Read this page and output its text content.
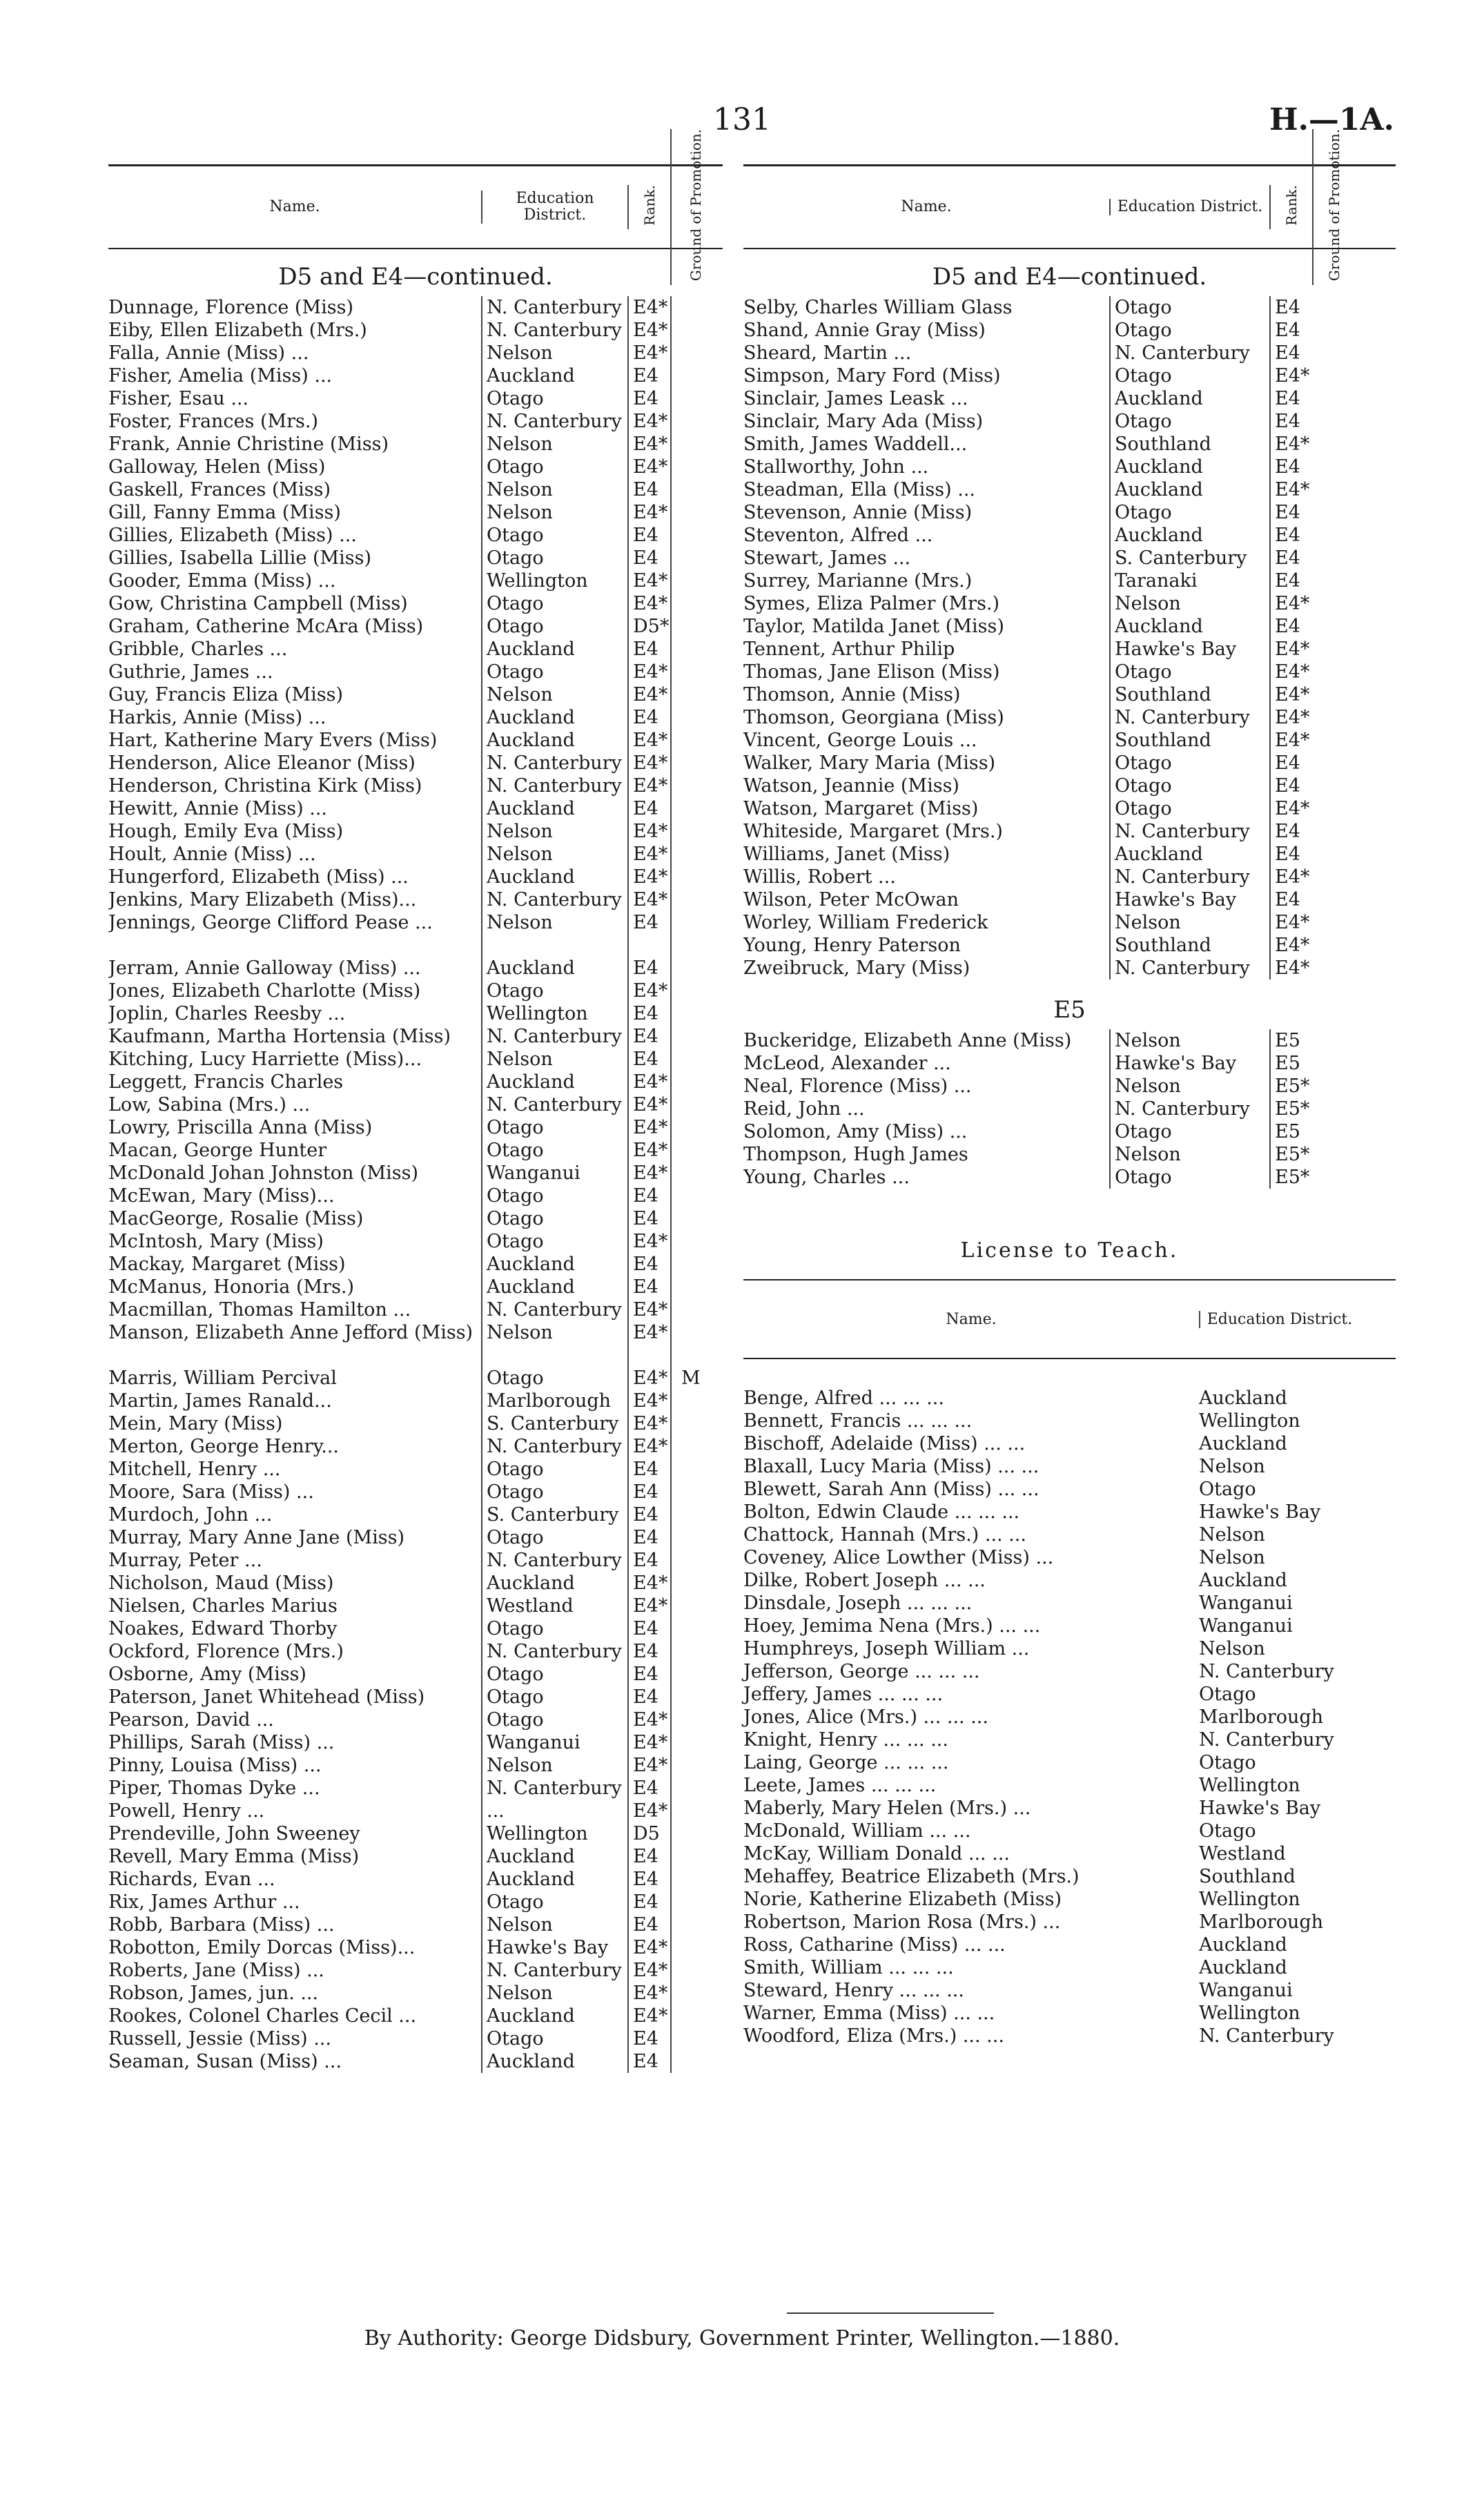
131	H.—1A.
Name.	Education District.	Rank.	Ground of Promotion.
D5 and E4—continued.
Dunnage, Florence (Miss)	N. Canterbury E4*
Eiby, Ellen Elizabeth (Mrs.)	N. Canterbury E4*
Falla, Annie (Miss) ...	Nelson	E4*
Fisher, Amelia (Miss) ...	Auckland	E4
Fisher, Esau ...	Otago	E4
Foster, Frances (Mrs.)	N. Canterbury E4*
Frank, Annie Christine (Miss)	Nelson	E4*
Galloway, Helen (Miss)	Otago	E4*
Gaskell, Frances (Miss)	Nelson	E4
Gill, Fanny Emma (Miss)	Nelson	E4*
Gillies, Elizabeth (Miss) ...	Otago	E4
Gillies, Isabella Lillie (Miss)	Otago	E4
Gooder, Emma (Miss) ...	Wellington	E4*
Gow, Christina Campbell (Miss)	Otago	E4*
Graham, Catherine McAra (Miss)	Otago	D5*
Gribble, Charles ...	Auckland	E4
Guthrie, James ...	Otago	E4*
Guy, Francis Eliza (Miss)	Nelson	E4*
Harkis, Annie (Miss) ...	Auckland	E4
Hart, Katherine Mary Evers (Miss)	Auckland	E4*
Henderson, Alice Eleanor (Miss)	N. Canterbury E4*
Henderson, Christina Kirk (Miss)	N. Canterbury E4*
Hewitt, Annie (Miss) ...	Auckland	E4
Hough, Emily Eva (Miss)	Nelson	E4*
Hoult, Annie (Miss) ...	Nelson	E4*
Hungerford, Elizabeth (Miss) ...	Auckland	E4*
Jenkins, Mary Elizabeth (Miss)...	N. Canterbury E4*
Jennings, George Clifford Pease ...	Nelson	E4
Jerram, Annie Galloway (Miss) ...	Auckland	E4
Jones, Elizabeth Charlotte (Miss)	Otago	E4*
Joplin, Charles Reesby ...	Wellington	E4
Kaufmann, Martha Hortensia (Miss)	N. Canterbury E4
Kitching, Lucy Harriette (Miss)...	Nelson	E4
Leggett, Francis Charles	Auckland	E4*
Low, Sabina (Mrs.) ...	N. Canterbury E4*
Lowry, Priscilla Anna (Miss)	Otago	E4*
Macan, George Hunter	Otago	E4*
McDonald Johan Johnston (Miss)	Wanganui	E4*
McEwan, Mary (Miss)...	Otago	E4
MacGeorge, Rosalie (Miss)	Otago	E4
McIntosh, Mary (Miss)	Otago	E4*
Mackay, Margaret (Miss)	Auckland	E4
McManus, Honoria (Mrs.)	Auckland	E4
Macmillan, Thomas Hamilton ...	N. Canterbury E4*
Manson, Elizabeth Anne Jefford (Miss) Nelson	E4*
Marris, William Percival	Otago	E4* M
Martin, James Ranald...	Marlborough	E4*
Mein, Mary (Miss)	S. Canterbury E4*
Merton, George Henry...	N. Canterbury E4*
Mitchell, Henry ...	Otago	E4
Moore, Sara (Miss) ...	Otago	E4
Murdoch, John ...	S. Canterbury E4
Murray, Mary Anne Jane (Miss)	Otago	E4
Murray, Peter ...	N. Canterbury E4
Nicholson, Maud (Miss)	Auckland	E4*
Nielsen, Charles Marius	Westland	E4*
Noakes, Edward Thorby	Otago	E4
Ockford, Florence (Mrs.)	N. Canterbury E4
Osborne, Amy (Miss)	Otago	E4
Paterson, Janet Whitehead (Miss)	Otago	E4
Pearson, David ...	Otago	E4*
Phillips, Sarah (Miss) ...	Wanganui	E4*
Pinny, Louisa (Miss) ...	Nelson	E4*
Piper, Thomas Dyke ...	N. Canterbury E4
Powell, Henry ...	...	E4*
Prendeville, John Sweeney	Wellington	D5
Revell, Mary Emma (Miss)	Auckland	E4
Richards, Evan ...	Auckland	E4
Rix, James Arthur ...	Otago	E4
Robb, Barbara (Miss) ...	Nelson	E4
Robotton, Emily Dorcas (Miss)...	Hawke's Bay	E4*
Roberts, Jane (Miss) ...	N. Canterbury E4*
Robson, James, jun. ...	Nelson	E4*
Rookes, Colonel Charles Cecil ...	Auckland	E4*
Russell, Jessie (Miss) ...	Otago	E4
Seaman, Susan (Miss) ...	Auckland	E4
Name.	Education District.	Rank.	Ground of Promotion.
D5 and E4—continued.
Selby, Charles William Glass	Otago	E4
Shand, Annie Gray (Miss)	Otago	E4
Sheard, Martin ...	N. Canterbury	E4
Simpson, Mary Ford (Miss)	Otago	E4*
Sinclair, James Leask ...	Auckland	E4
Sinclair, Mary Ada (Miss)	Otago	E4
Smith, James Waddell...	Southland	E4*
Stallworthy, John ...	Auckland	E4
Steadman, Ella (Miss) ...	Auckland	E4*
Stevenson, Annie (Miss)	Otago	E4
Steventon, Alfred ...	Auckland	E4
Stewart, James ...	S. Canterbury	E4
Surrey, Marianne (Mrs.)	Taranaki	E4
Symes, Eliza Palmer (Mrs.)	Nelson	E4*
Taylor, Matilda Janet (Miss)	Auckland	E4
Tennent, Arthur Philip	Hawke's Bay	E4*
Thomas, Jane Elison (Miss)	Otago	E4*
Thomson, Annie (Miss)	Southland	E4*
Thomson, Georgiana (Miss)	N. Canterbury	E4*
Vincent, George Louis ...	Southland	E4*
Walker, Mary Maria (Miss)	Otago	E4
Watson, Jeannie (Miss)	Otago	E4
Watson, Margaret (Miss)	Otago	E4*
Whiteside, Margaret (Mrs.)	N. Canterbury	E4
Williams, Janet (Miss)	Auckland	E4
Willis, Robert ...	N. Canterbury	E4*
Wilson, Peter McOwan	Hawke's Bay	E4
Worley, William Frederick	Nelson	E4*
Young, Henry Paterson	Southland	E4*
Zweibruck, Mary (Miss)	N. Canterbury	E4*
E5
Buckeridge, Elizabeth Anne (Miss)	Nelson	E5
McLeod, Alexander ...	Hawke's Bay	E5
Neal, Florence (Miss) ...	Nelson	E5*
Reid, John ...	N. Canterbury	E5*
Solomon, Amy (Miss) ...	Otago	E5
Thompson, Hugh James	Nelson	E5*
Young, Charles ...	Otago	E5*
License to Teach.
Name.	Education District.
Benge, Alfred ... ... ...	Auckland
Bennett, Francis ... ... ...	Wellington
Bischoff, Adelaide (Miss) ... ...	Auckland
Blaxall, Lucy Maria (Miss) ... ...	Nelson
Blewett, Sarah Ann (Miss) ... ...	Otago
Bolton, Edwin Claude ... ... ...	Hawke's Bay
Chattock, Hannah (Mrs.) ... ...	Nelson
Coveney, Alice Lowther (Miss) ...	Nelson
Dilke, Robert Joseph ... ...	Auckland
Dinsdale, Joseph ... ... ...	Wanganui
Hoey, Jemima Nena (Mrs.) ... ...	Wanganui
Humphreys, Joseph William ...	Nelson
Jefferson, George ... ... ...	N. Canterbury
Jeffery, James ... ... ...	Otago
Jones, Alice (Mrs.) ... ... ...	Marlborough
Knight, Henry ... ... ...	N. Canterbury
Laing, George ... ... ...	Otago
Leete, James ... ... ...	Wellington
Maberly, Mary Helen (Mrs.) ...	Hawke's Bay
McDonald, William ... ...	Otago
McKay, William Donald ... ...	Westland
Mehaffey, Beatrice Elizabeth (Mrs.)	Southland
Norie, Katherine Elizabeth (Miss)	Wellington
Robertson, Marion Rosa (Mrs.) ...	Marlborough
Ross, Catharine (Miss) ... ...	Auckland
Smith, William ... ... ...	Auckland
Steward, Henry ... ... ...	Wanganui
Warner, Emma (Miss) ... ...	Wellington
Woodford, Eliza (Mrs.) ... ...	N. Canterbury
By Authority: George Didsbury, Government Printer, Wellington.—1880.
